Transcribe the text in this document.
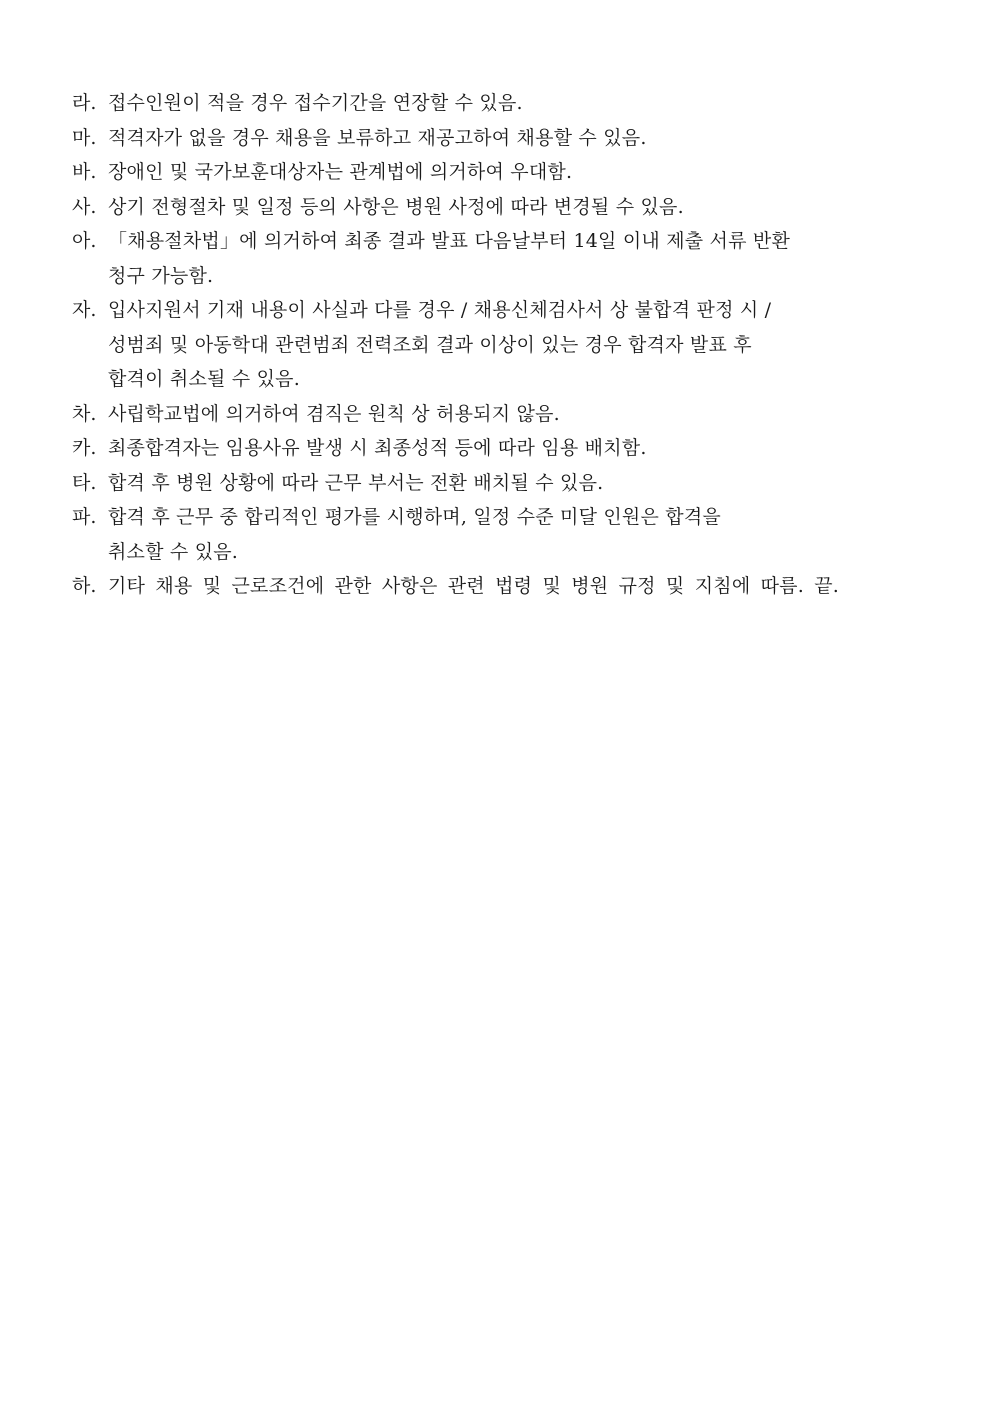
라. 접수인원이 적을 경우 접수기간을 연장할 수 있음.
마. 적격자가 없을 경우 채용을 보류하고 재공고하여 채용할 수 있음.
바. 장애인 및 국가보훈대상자는 관계법에 의거하여 우대함.
사. 상기 전형절차 및 일정 등의 사항은 병원 사정에 따라 변경될 수 있음.
아. 「채용절차법」에 의거하여 최종 결과 발표 다음날부터 14일 이내 제출 서류 반환
청구 가능함.
자. 입사지원서 기재 내용이 사실과 다를 경우 / 채용신체검사서 상 불합격 판정 시 /
성범죄 및 아동학대 관련범죄 전력조회 결과 이상이 있는 경우 합격자 발표 후
합격이 취소될 수 있음.
차. 사립학교법에 의거하여 겸직은 원칙 상 허용되지 않음.
카. 최종합격자는 임용사유 발생 시 최종성적 등에 따라 임용 배치함.
타. 합격 후 병원 상황에 따라 근무 부서는 전환 배치될 수 있음.
파. 합격 후 근무 중 합리적인 평가를 시행하며, 일정 수준 미달 인원은 합격을
취소할 수 있음.
하. 기타 채용 및 근로조건에 관한 사항은 관련 법령 및 병원 규정 및 지침에 따름. 끝.
